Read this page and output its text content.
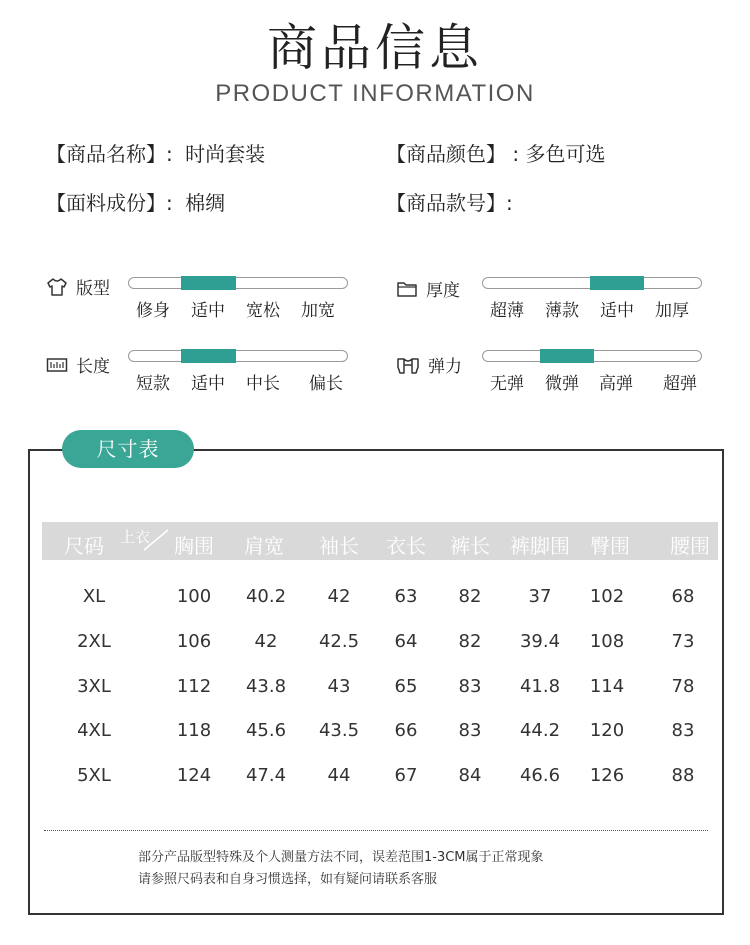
商品信息
PRODUCT INFORMATION
【商品名称】: 时尚套装	【商品颜色】 : 多色可选
【面料成份】: 棉绸	【商品款号】:
版型
修身 适中 宽松 加宽
厚度
超薄 薄款 适中 加厚
长度
短款 适中 中长 偏长
弹力
无弹 微弹 高弹 超弹
尺寸表
上衣
尺码	胸围	肩宽	袖长	衣长	裤长	裤脚围	臀围	腰围
XL	100	40.2	42	63	82	37	102	68
2XL	106	42	42.5	64	82	39.4	108	73
3XL	112	43.8	43	65	83	41.8	114	78
4XL	118	45.6	43.5	66	83	44.2	120	83
5XL	124	47.4	44	67	84	46.6	126	88
部分产品版型特殊及个人测量方法不同，误差范围1-3CM属于正常现象
请参照尺码表和自身习惯选择，如有疑问请联系客服
